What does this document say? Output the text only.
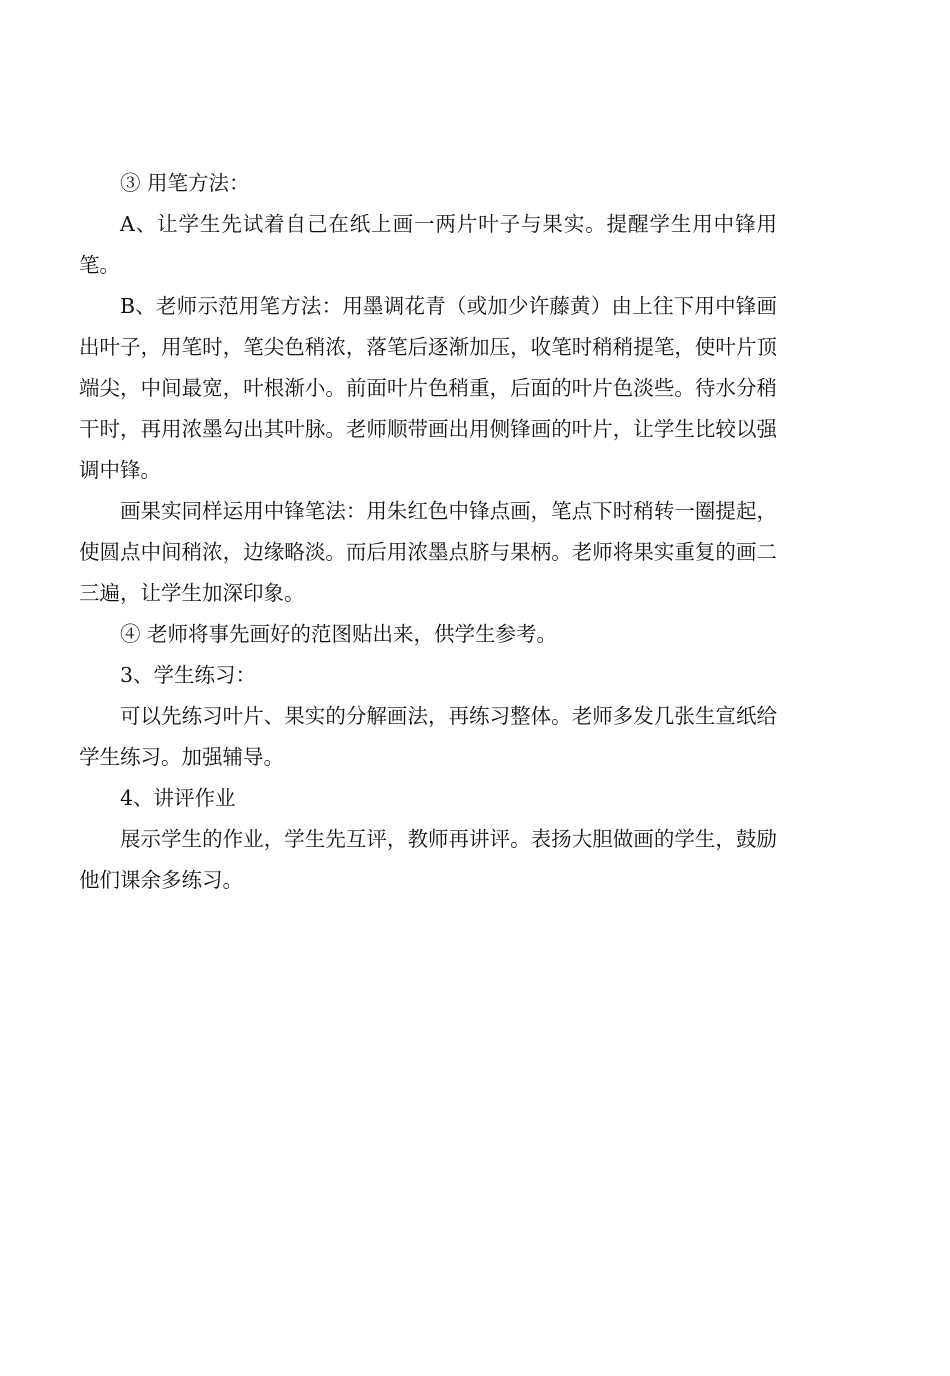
③ 用笔方法：

A、让学生先试着自己在纸上画一两片叶子与果实。提醒学生用中锋用笔。

B、老师示范用笔方法：用墨调花青（或加少许藤黄）由上往下用中锋画出叶子，用笔时，笔尖色稍浓，落笔后逐渐加压，收笔时稍稍提笔，使叶片顶端尖，中间最宽，叶根渐小。前面叶片色稍重，后面的叶片色淡些。待水分稍干时，再用浓墨勾出其叶脉。老师顺带画出用侧锋画的叶片，让学生比较以强调中锋。

画果实同样运用中锋笔法：用朱红色中锋点画，笔点下时稍转一圈提起，使圆点中间稍浓，边缘略淡。而后用浓墨点脐与果柄。老师将果实重复的画二三遍，让学生加深印象。

④ 老师将事先画好的范图贴出来，供学生参考。

3、学生练习：

可以先练习叶片、果实的分解画法，再练习整体。老师多发几张生宣纸给学生练习。加强辅导。

4、讲评作业

展示学生的作业，学生先互评，教师再讲评。表扬大胆做画的学生，鼓励他们课余多练习。
